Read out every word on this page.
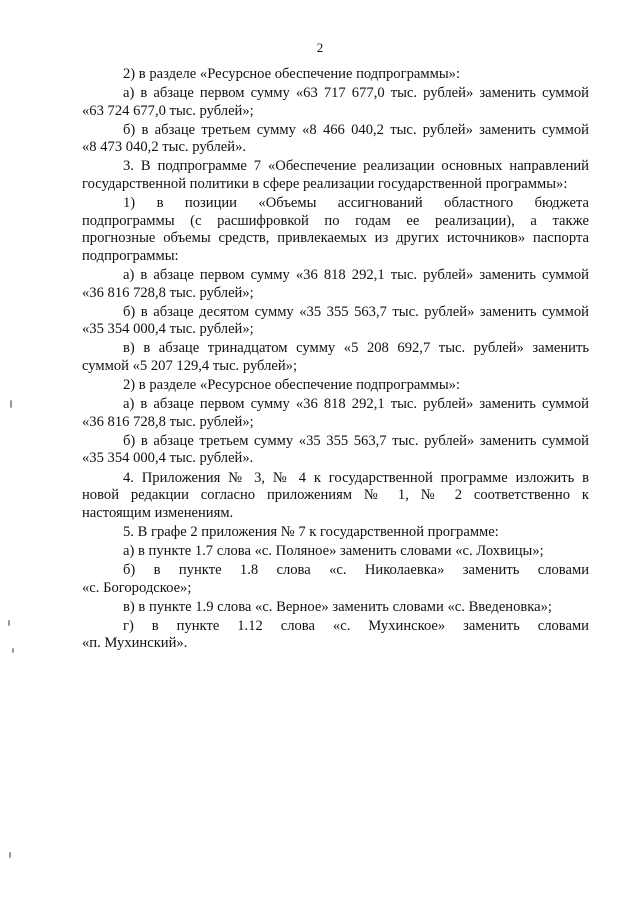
2

2) в разделе «Ресурсное обеспечение подпрограммы»:

а) в абзаце первом сумму «63 717 677,0 тыс. рублей» заменить суммой
«63 724 677,0 тыс. рублей»;

б) в абзаце третьем сумму «8 466 040,2 тыс. рублей» заменить суммой
«8 473 040,2 тыс. рублей».

3. В подпрограмме 7 «Обеспечение реализации основных направлений
государственной политики в сфере реализации государственной программы»:

1) в позиции «Объемы ассигнований областного бюджета
подпрограммы (с расшифровкой по годам ее реализации), а также
прогнозные объемы средств, привлекаемых из других источников» паспорта
подпрограммы:

а) в абзаце первом сумму «36 818 292,1 тыс. рублей» заменить суммой
«36 816 728,8 тыс. рублей»;

б) в абзаце десятом сумму «35 355 563,7 тыс. рублей» заменить суммой
«35 354 000,4 тыс. рублей»;

в) в абзаце тринадцатом сумму «5 208 692,7 тыс. рублей» заменить
суммой «5 207 129,4 тыс. рублей»;

2) в разделе «Ресурсное обеспечение подпрограммы»:

а) в абзаце первом сумму «36 818 292,1 тыс. рублей» заменить суммой
«36 816 728,8 тыс. рублей»;

б) в абзаце третьем сумму «35 355 563,7 тыс. рублей» заменить суммой
«35 354 000,4 тыс. рублей».

4. Приложения № 3, № 4 к государственной программе изложить в
новой редакции согласно приложениям № 1, № 2 соответственно к
настоящим изменениям.

5. В графе 2 приложения № 7 к государственной программе:

а) в пункте 1.7 слова «с. Поляное» заменить словами «с. Лохвицы»;

б) в пункте 1.8 слова «с. Николаевка» заменить словами
«с. Богородское»;

в) в пункте 1.9 слова «с. Верное» заменить словами «с. Введеновка»;

г) в пункте 1.12 слова «с. Мухинское» заменить словами
«п. Мухинский».
